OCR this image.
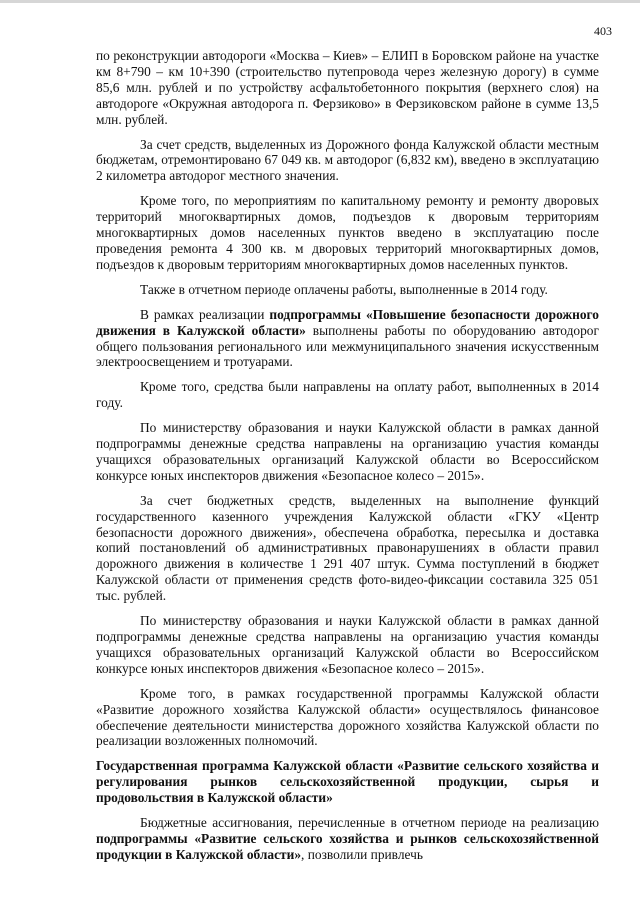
403

по реконструкции автодороги «Москва – Киев» – ЕЛИП в Боровском районе на участке км 8+790 – км 10+390 (строительство путепровода через железную дорогу) в сумме 85,6 млн. рублей и по устройству асфальтобетонного покрытия (верхнего слоя) на автодороге «Окружная автодорога п. Ферзиково» в Ферзиковском районе в сумме 13,5 млн. рублей.

За счет средств, выделенных из Дорожного фонда Калужской области местным бюджетам, отремонтировано 67 049 кв. м автодорог (6,832 км), введено в эксплуатацию 2 километра автодорог местного значения.

Кроме того, по мероприятиям по капитальному ремонту и ремонту дворовых территорий многоквартирных домов, подъездов к дворовым территориям многоквартирных домов населенных пунктов введено в эксплуатацию после проведения ремонта 4 300 кв. м дворовых территорий многоквартирных домов, подъездов к дворовым территориям многоквартирных домов населенных пунктов.

Также в отчетном периоде оплачены работы, выполненные в 2014 году.

В рамках реализации подпрограммы «Повышение безопасности дорожного движения в Калужской области» выполнены работы по оборудованию автодорог общего пользования регионального или межмуниципального значения искусственным электроосвещением и тротуарами.

Кроме того, средства были направлены на оплату работ, выполненных в 2014 году.

По министерству образования и науки Калужской области в рамках данной подпрограммы денежные средства направлены на организацию участия команды учащихся образовательных организаций Калужской области во Всероссийском конкурсе юных инспекторов движения «Безопасное колесо – 2015».

За счет бюджетных средств, выделенных на выполнение функций государственного казенного учреждения Калужской области «ГКУ «Центр безопасности дорожного движения», обеспечена обработка, пересылка и доставка копий постановлений об административных правонарушениях в области правил дорожного движения в количестве 1 291 407 штук. Сумма поступлений в бюджет Калужской области от применения средств фото-видео-фиксации составила 325 051 тыс. рублей.

По министерству образования и науки Калужской области в рамках данной подпрограммы денежные средства направлены на организацию участия команды учащихся образовательных организаций Калужской области во Всероссийском конкурсе юных инспекторов движения «Безопасное колесо – 2015».

Кроме того, в рамках государственной программы Калужской области «Развитие дорожного хозяйства Калужской области» осуществлялось финансовое обеспечение деятельности министерства дорожного хозяйства Калужской области по реализации возложенных полномочий.

Государственная программа Калужской области «Развитие сельского хозяйства и регулирования рынков сельскохозяйственной продукции, сырья и продовольствия в Калужской области»

Бюджетные ассигнования, перечисленные в отчетном периоде на реализацию подпрограммы «Развитие сельского хозяйства и рынков сельскохозяйственной продукции в Калужской области», позволили привлечь
